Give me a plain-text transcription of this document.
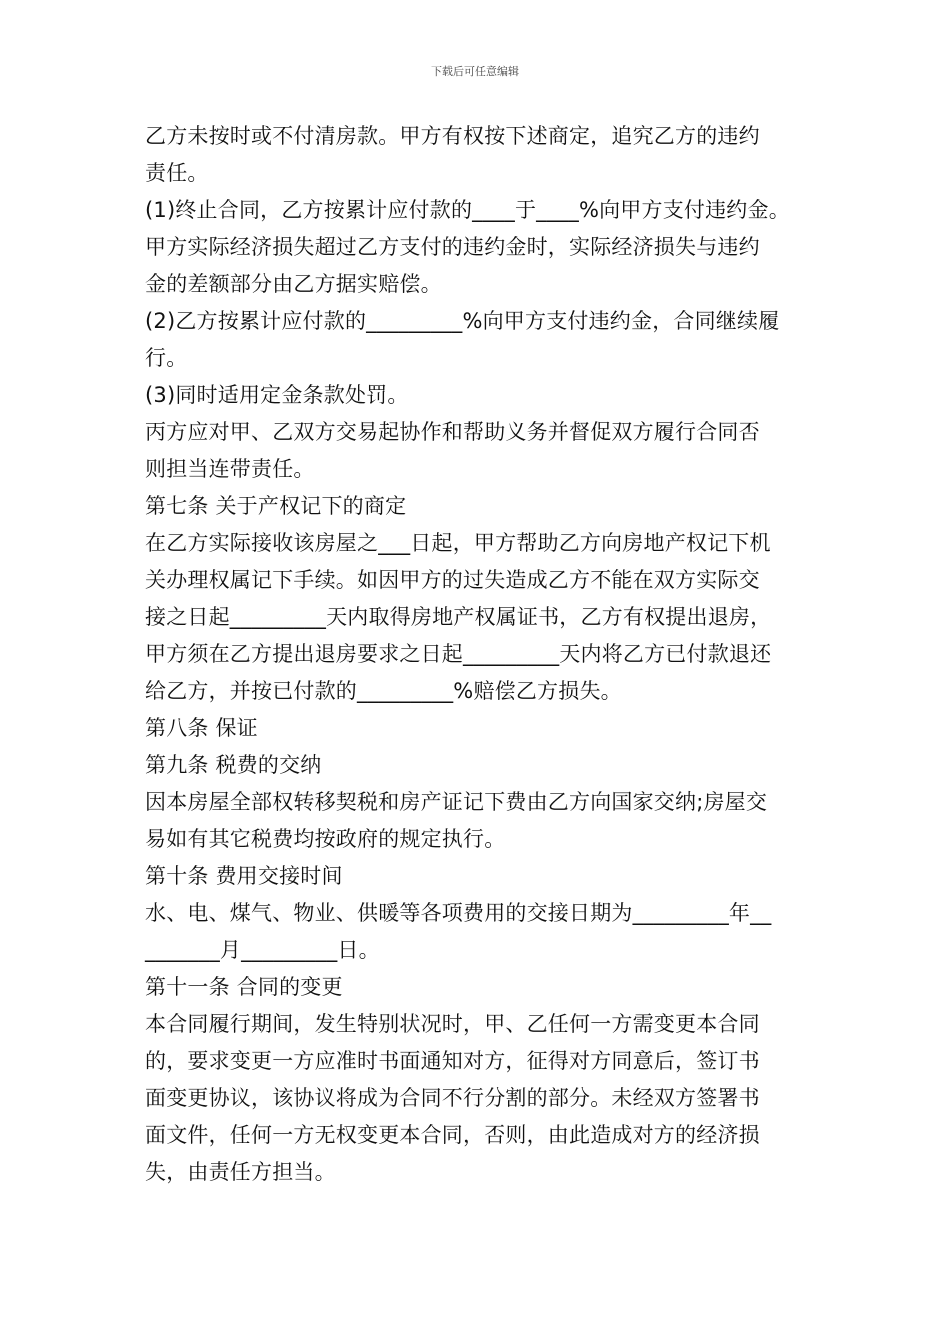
下载后可任意编辑
乙方未按时或不付清房款。甲方有权按下述商定，追究乙方的违约
责任。
(1)终止合同，乙方按累计应付款的____于____%向甲方支付违约金。
甲方实际经济损失超过乙方支付的违约金时，实际经济损失与违约
金的差额部分由乙方据实赔偿。
(2)乙方按累计应付款的_________%向甲方支付违约金，合同继续履
行。
(3)同时适用定金条款处罚。
丙方应对甲、乙双方交易起协作和帮助义务并督促双方履行合同否
则担当连带责任。
第七条 关于产权记下的商定
在乙方实际接收该房屋之___日起，甲方帮助乙方向房地产权记下机
关办理权属记下手续。如因甲方的过失造成乙方不能在双方实际交
接之日起_________天内取得房地产权属证书，乙方有权提出退房，
甲方须在乙方提出退房要求之日起_________天内将乙方已付款退还
给乙方，并按已付款的_________%赔偿乙方损失。
第八条 保证
第九条 税费的交纳
因本房屋全部权转移契税和房产证记下费由乙方向国家交纳;房屋交
易如有其它税费均按政府的规定执行。
第十条 费用交接时间
水、电、煤气、物业、供暖等各项费用的交接日期为_________年__
_______月_________日。
第十一条 合同的变更
本合同履行期间，发生特别状况时，甲、乙任何一方需变更本合同
的，要求变更一方应准时书面通知对方，征得对方同意后，签订书
面变更协议，该协议将成为合同不行分割的部分。未经双方签署书
面文件，任何一方无权变更本合同，否则，由此造成对方的经济损
失，由责任方担当。
